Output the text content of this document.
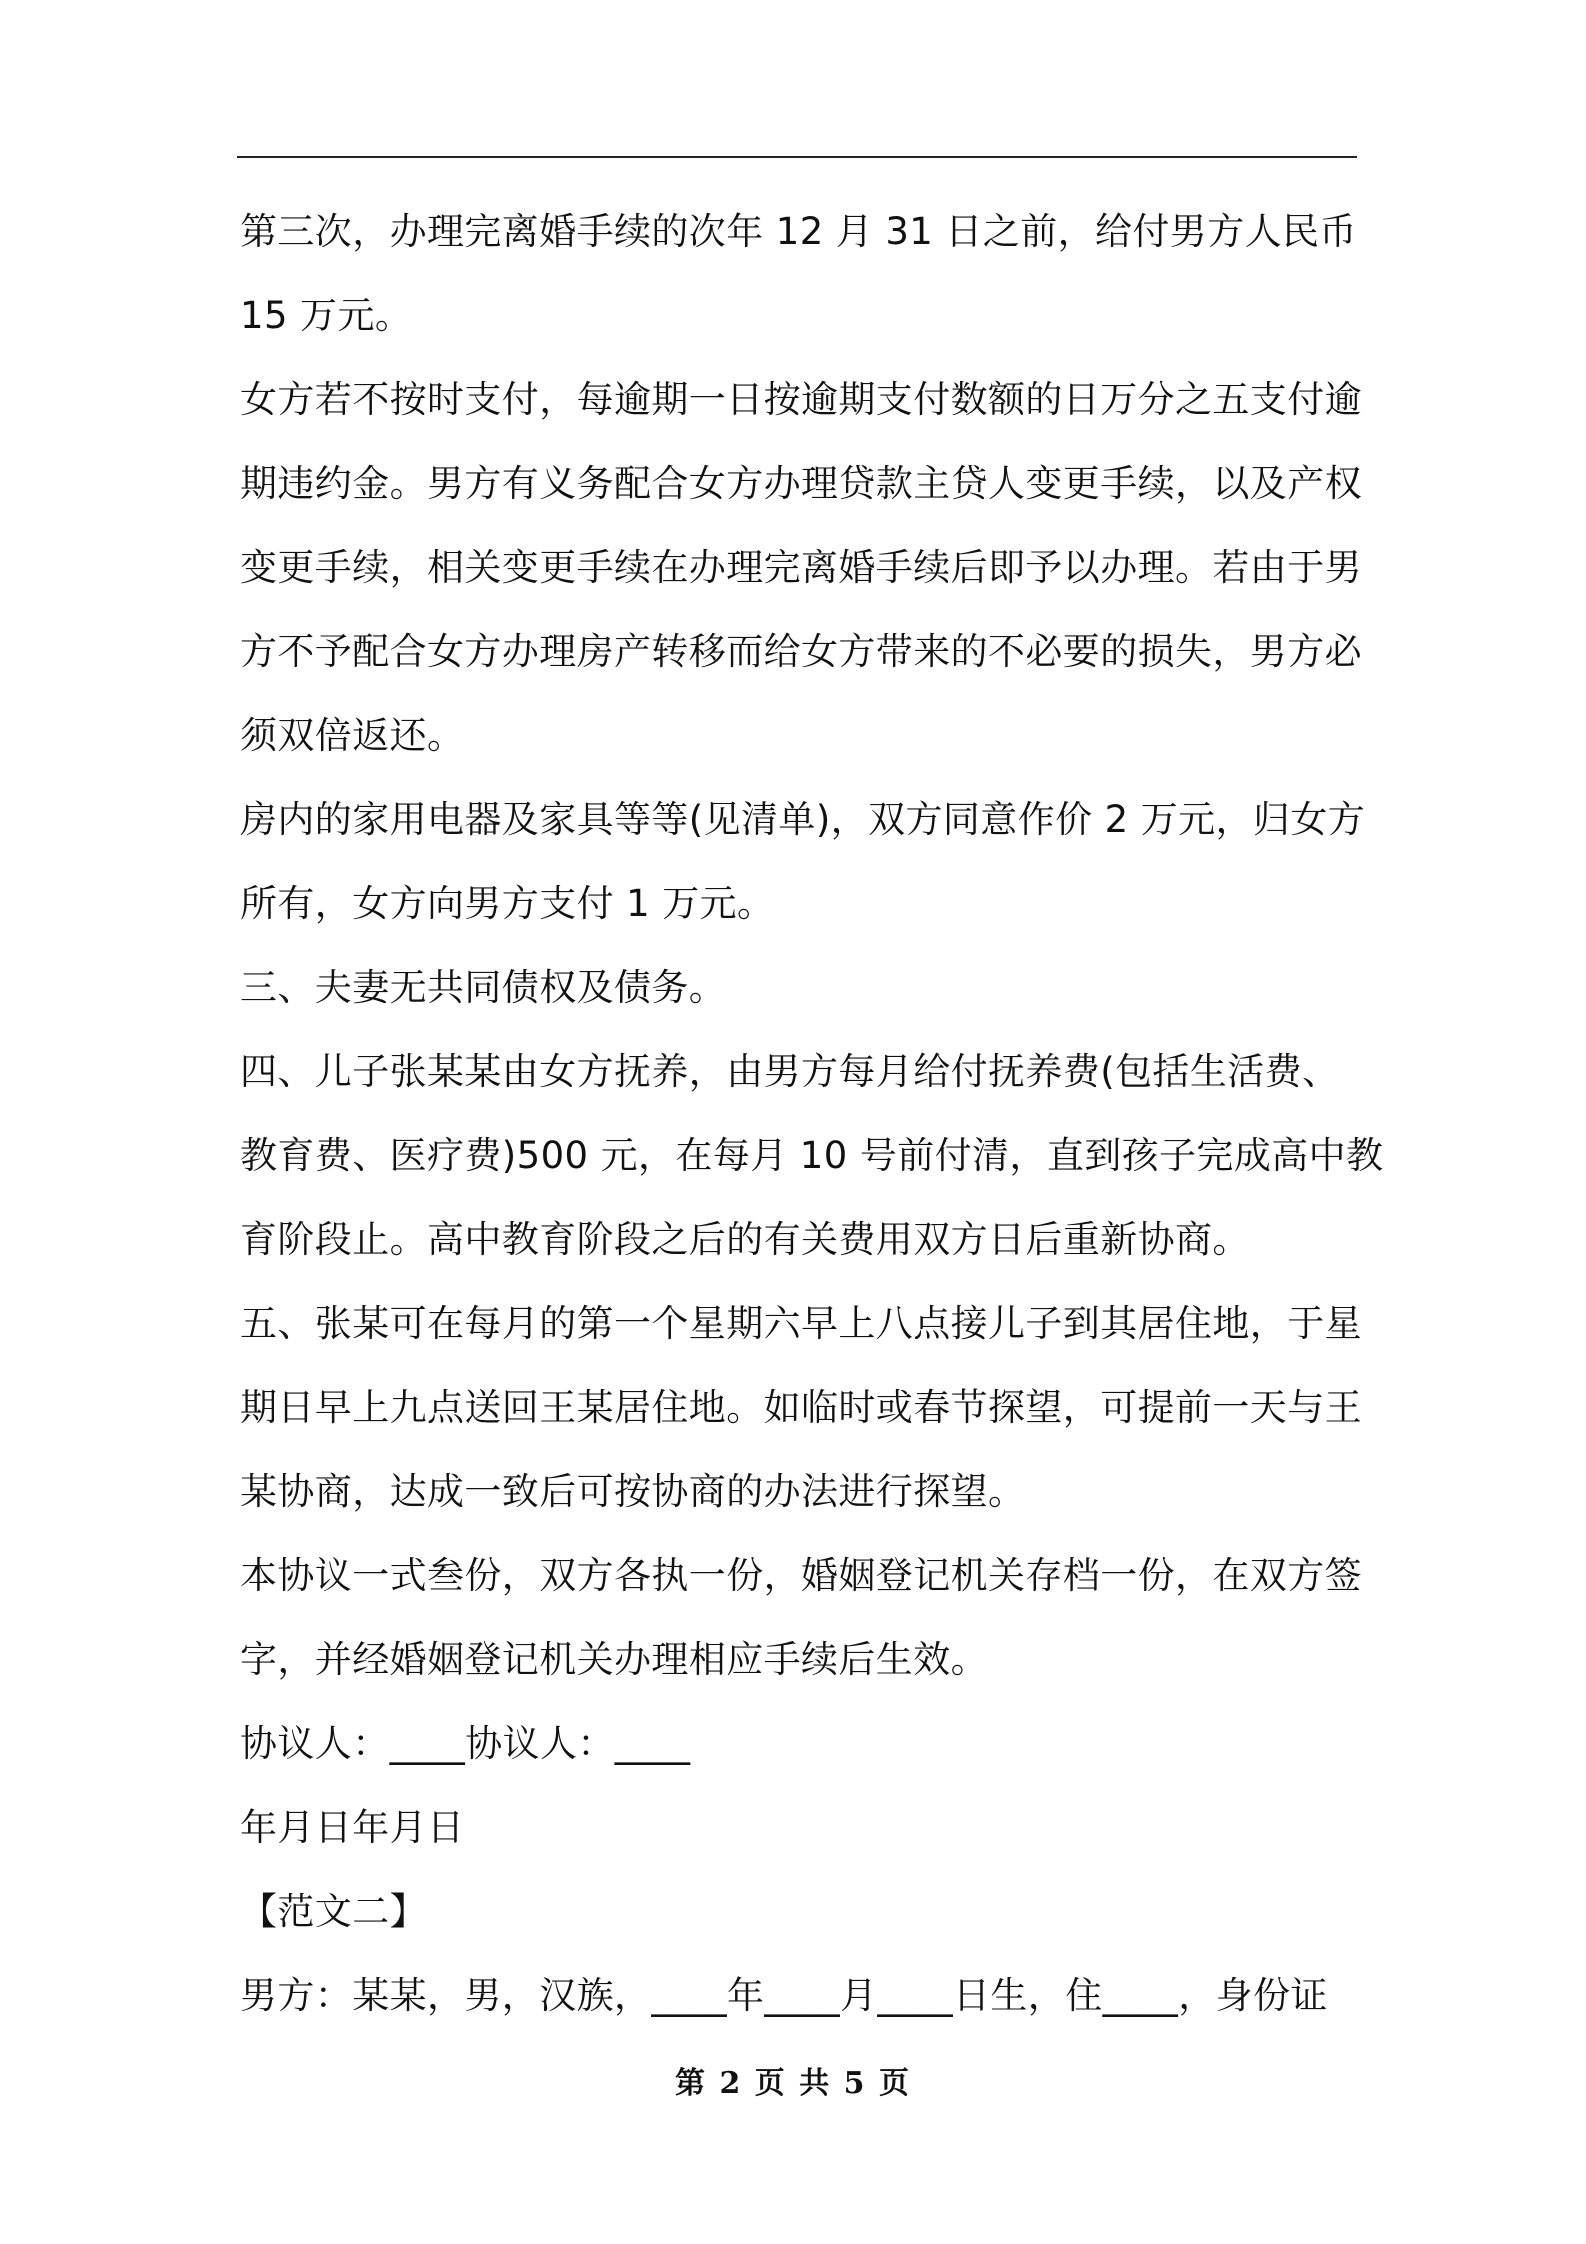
第三次，办理完离婚手续的次年 12 月 31 日之前，给付男方人民币
15 万元。
女方若不按时支付，每逾期一日按逾期支付数额的日万分之五支付逾
期违约金。男方有义务配合女方办理贷款主贷人变更手续，以及产权
变更手续，相关变更手续在办理完离婚手续后即予以办理。若由于男
方不予配合女方办理房产转移而给女方带来的不必要的损失，男方必
须双倍返还。
房内的家用电器及家具等等(见清单)，双方同意作价 2 万元，归女方
所有，女方向男方支付 1 万元。
三、夫妻无共同债权及债务。
四、儿子张某某由女方抚养，由男方每月给付抚养费(包括生活费、
教育费、医疗费)500 元，在每月 10 号前付清，直到孩子完成高中教
育阶段止。高中教育阶段之后的有关费用双方日后重新协商。
五、张某可在每月的第一个星期六早上八点接儿子到其居住地，于星
期日早上九点送回王某居住地。如临时或春节探望，可提前一天与王
某协商，达成一致后可按协商的办法进行探望。
本协议一式叁份，双方各执一份，婚姻登记机关存档一份，在双方签
字，并经婚姻登记机关办理相应手续后生效。
协议人：____协议人：____
年月日年月日
【范文二】
男方：某某，男，汉族，____年____月____日生，住____，身份证
第 2 页 共 5 页
